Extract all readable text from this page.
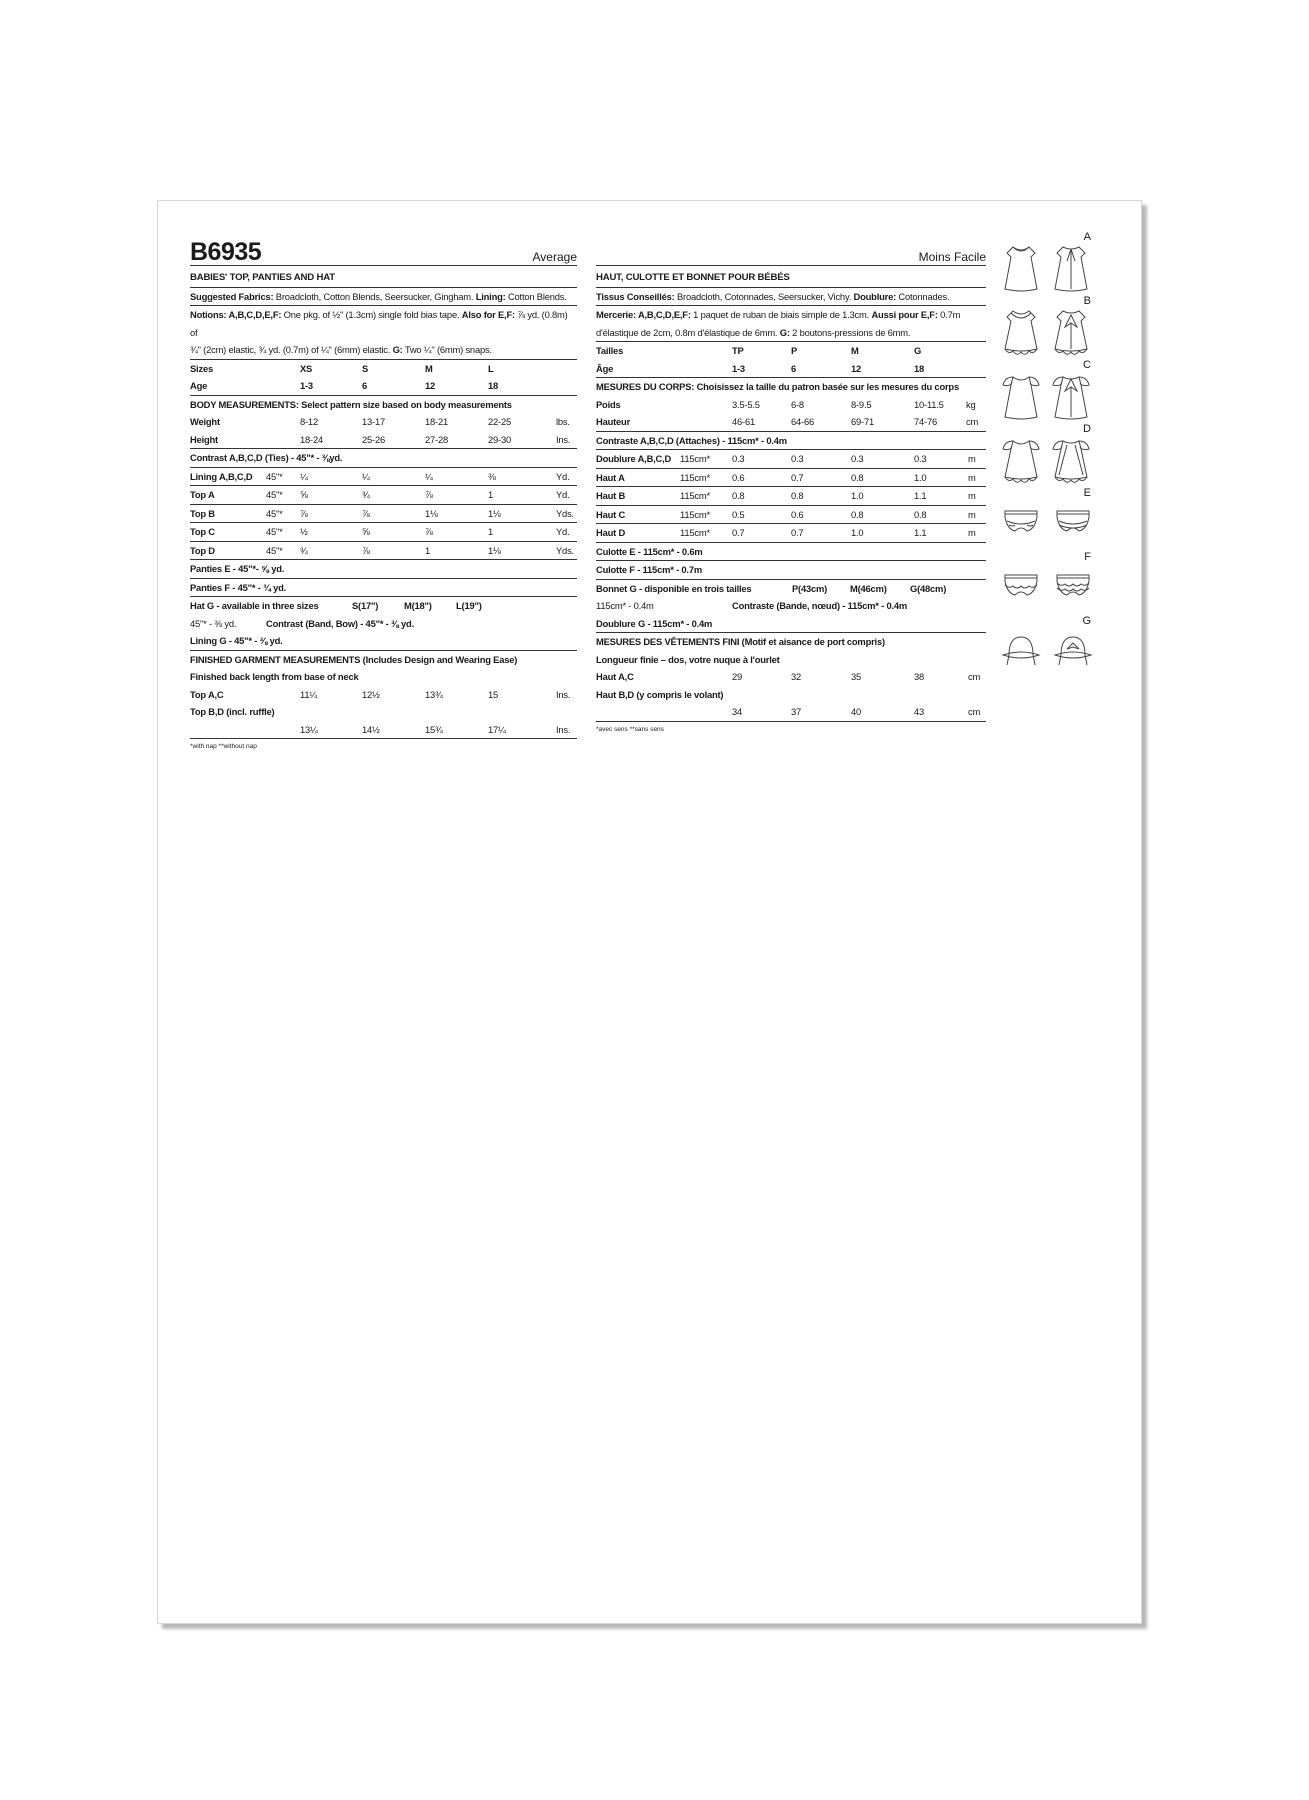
B6935	Average
BABIES' TOP, PANTIES AND HAT
Suggested Fabrics: Broadcloth, Cotton Blends, Seersucker, Gingham. Lining: Cotton Blends.
Notions: A,B,C,D,E,F: One pkg. of ½" (1.3cm) single fold bias tape. Also for E,F: ⅞ yd. (0.8m) of
¾" (2cm) elastic, ¾ yd. (0.7m) of ¼" (6mm) elastic. G: Two ¼" (6mm) snaps.
Sizes	XS	S	M	L
Age	1-3	6	12	18
BODY MEASUREMENTS: Select pattern size based on body measurements
Weight	8-12	13-17	18-21	22-25	lbs.
Height	18-24	25-26	27-28	29-30	Ins.
Contrast A,B,C,D (Ties) - 45"* - ⅜yd.
Lining A,B,C,D 45"* ¼	¼	¼	⅜	Yd.
Top A	45"* ⅝	¾	⅞	1	Yd.
Top B	45"* ⅞	⅞	1⅛	1⅛	Yds.
Top C	45"* ½	⅝	⅞	1	Yd.
Top D	45"* ¾	⅞	1	1⅛	Yds.
Panties E - 45"*- ⅝ yd.
Panties F - 45"* - ¾ yd.
Hat G - available in three sizes	S(17")	M(18")	L(19")
45"* - ⅜ yd.	Contrast (Band, Bow) - 45"* - ⅜ yd.
Lining G - 45"* - ⅜ yd.
FINISHED GARMENT MEASUREMENTS (Includes Design and Wearing Ease)
Finished back length from base of neck
Top A,C	11¼	12½	13¾	15	Ins.
Top B,D (incl. ruffle)
13¼	14½	15¾	17¼	Ins.
*with nap **without nap
Moins Facile
HAUT, CULOTTE ET BONNET POUR BÉBÉS
Tissus Conseillés: Broadcloth, Cotonnades, Seersucker, Vichy. Doublure: Cotonnades.
Mercerie: A,B,C,D,E,F: 1 paquet de ruban de biais simple de 1.3cm. Aussi pour E,F: 0.7m
d'élastique de 2cm, 0.8m d'élastique de 6mm. G: 2 boutons-pressions de 6mm.
Tailles	TP	P	M	G
Âge	1-3	6	12	18
MESURES DU CORPS: Choisissez la taille du patron basée sur les mesures du corps
Poids	3.5-5.5	6-8	8-9.5	10-11.5 kg
Hauteur	46-61	64-66	69-71	74-76	cm
Contraste A,B,C,D (Attaches) - 115cm* - 0.4m
Doublure A,B,C,D 115cm* 0.3	0.3	0.3	0.3	m
Haut A	115cm* 0.6	0.7	0.8	1.0	m
Haut B	115cm* 0.8	0.8	1.0	1.1	m
Haut C	115cm* 0.5	0.6	0.8	0.8	m
Haut D	115cm* 0.7	0.7	1.0	1.1	m
Culotte E - 115cm* - 0.6m
Culotte F - 115cm* - 0.7m
Bonnet G - disponible en trois tailles	P(43cm) M(46cm) G(48cm)
115cm* - 0.4m	Contraste (Bande, nœud) - 115cm* - 0.4m
Doublure G - 115cm* - 0.4m
MESURES DES VÊTEMENTS FINI (Motif et aisance de port compris)
Longueur finie – dos, votre nuque à l'ourlet
Haut A,C	29	32	35	38	cm
Haut B,D (y compris le volant)
34	37	40	43	cm
*avec sens **sans sens
A
B
C
D
E
F
G
